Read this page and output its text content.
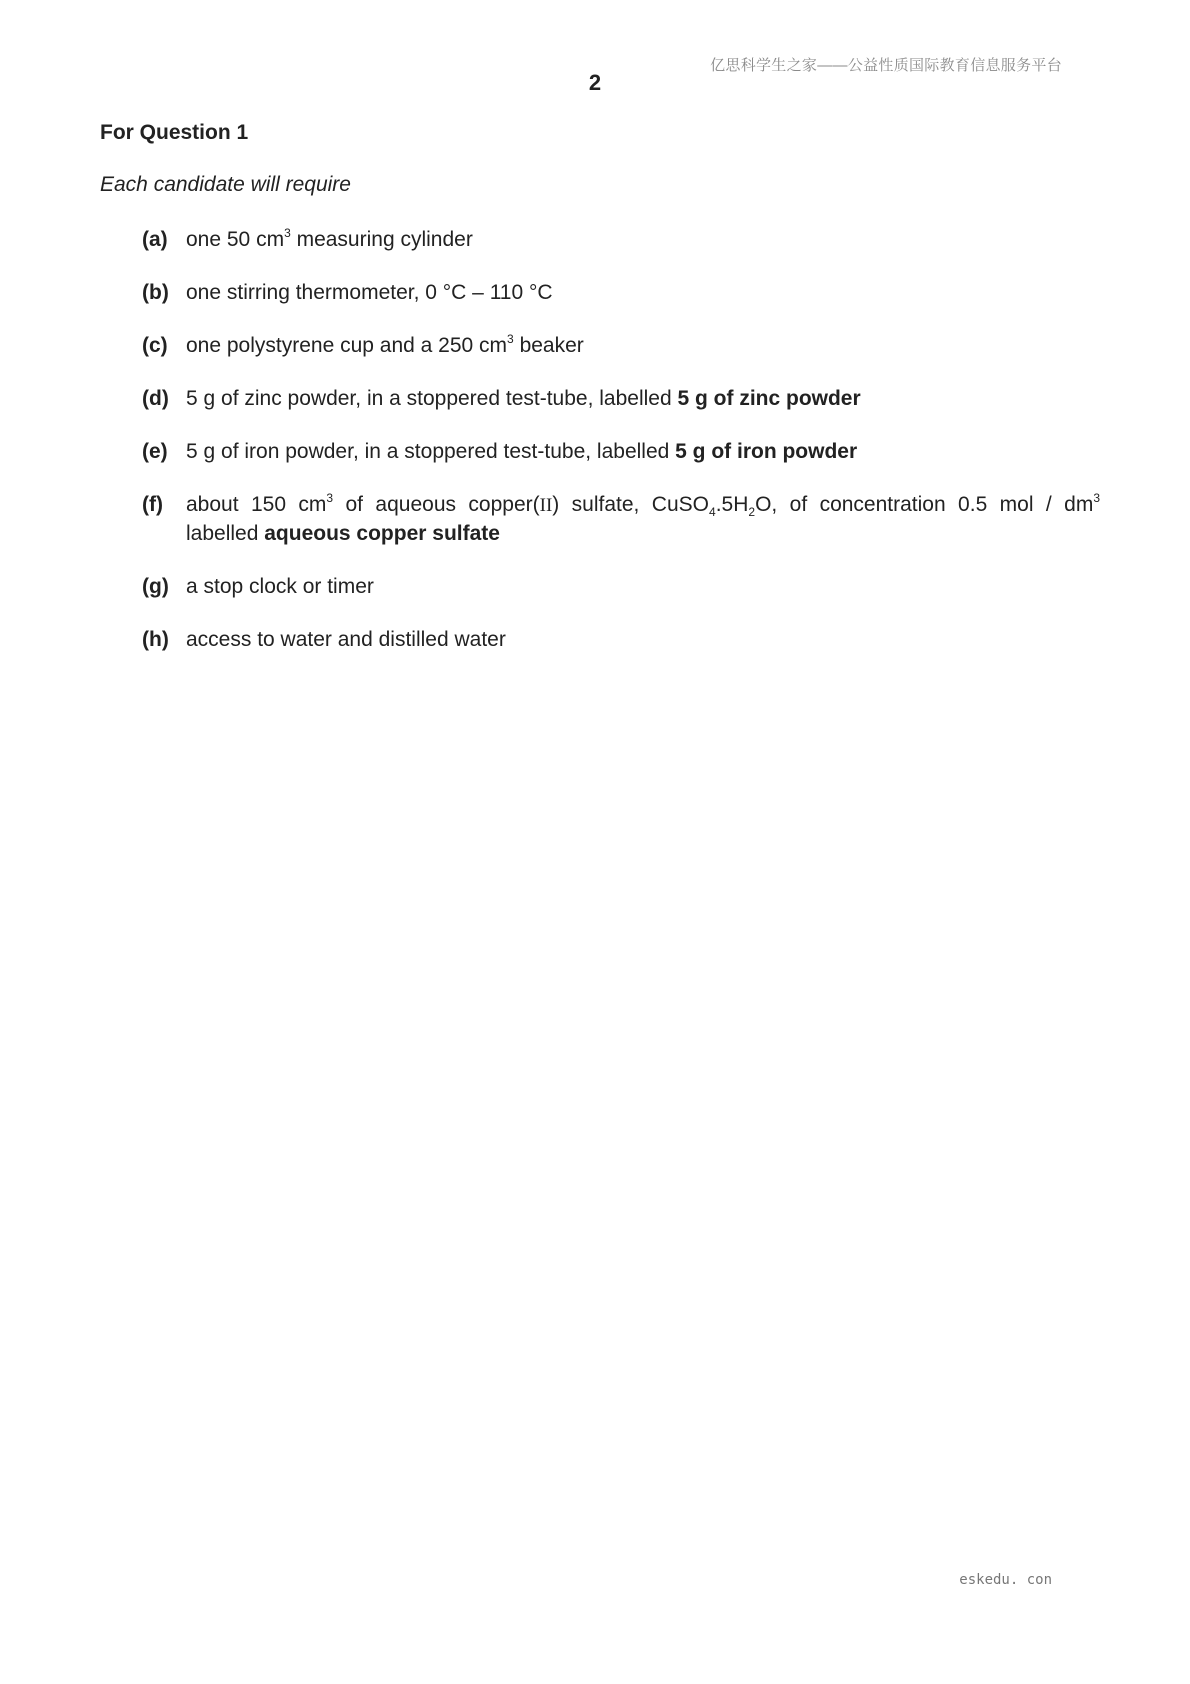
亿思科学生之家——公益性质国际教育信息服务平台
2
For Question 1

Each candidate will require

(a) one 50 $cm^3$ measuring cylinder
(b) one stirring thermometer, 0 °C – 110 °C
(c) one polystyrene cup and a 250 $cm^3$ beaker
(d) 5 g of zinc powder, in a stoppered test-tube, labelled 5 g of zinc powder
(e) 5 g of iron powder, in a stoppered test-tube, labelled 5 g of iron powder
(f)	about 150 $cm^3$ of aqueous copper(II) sulfate, $CuSO_4.5H_2O$, of concentration 0.5 mol / $dm^3$
labelled aqueous copper sulfate
(g) a stop clock or timer
(h) access to water and distilled water
eskedu. con
